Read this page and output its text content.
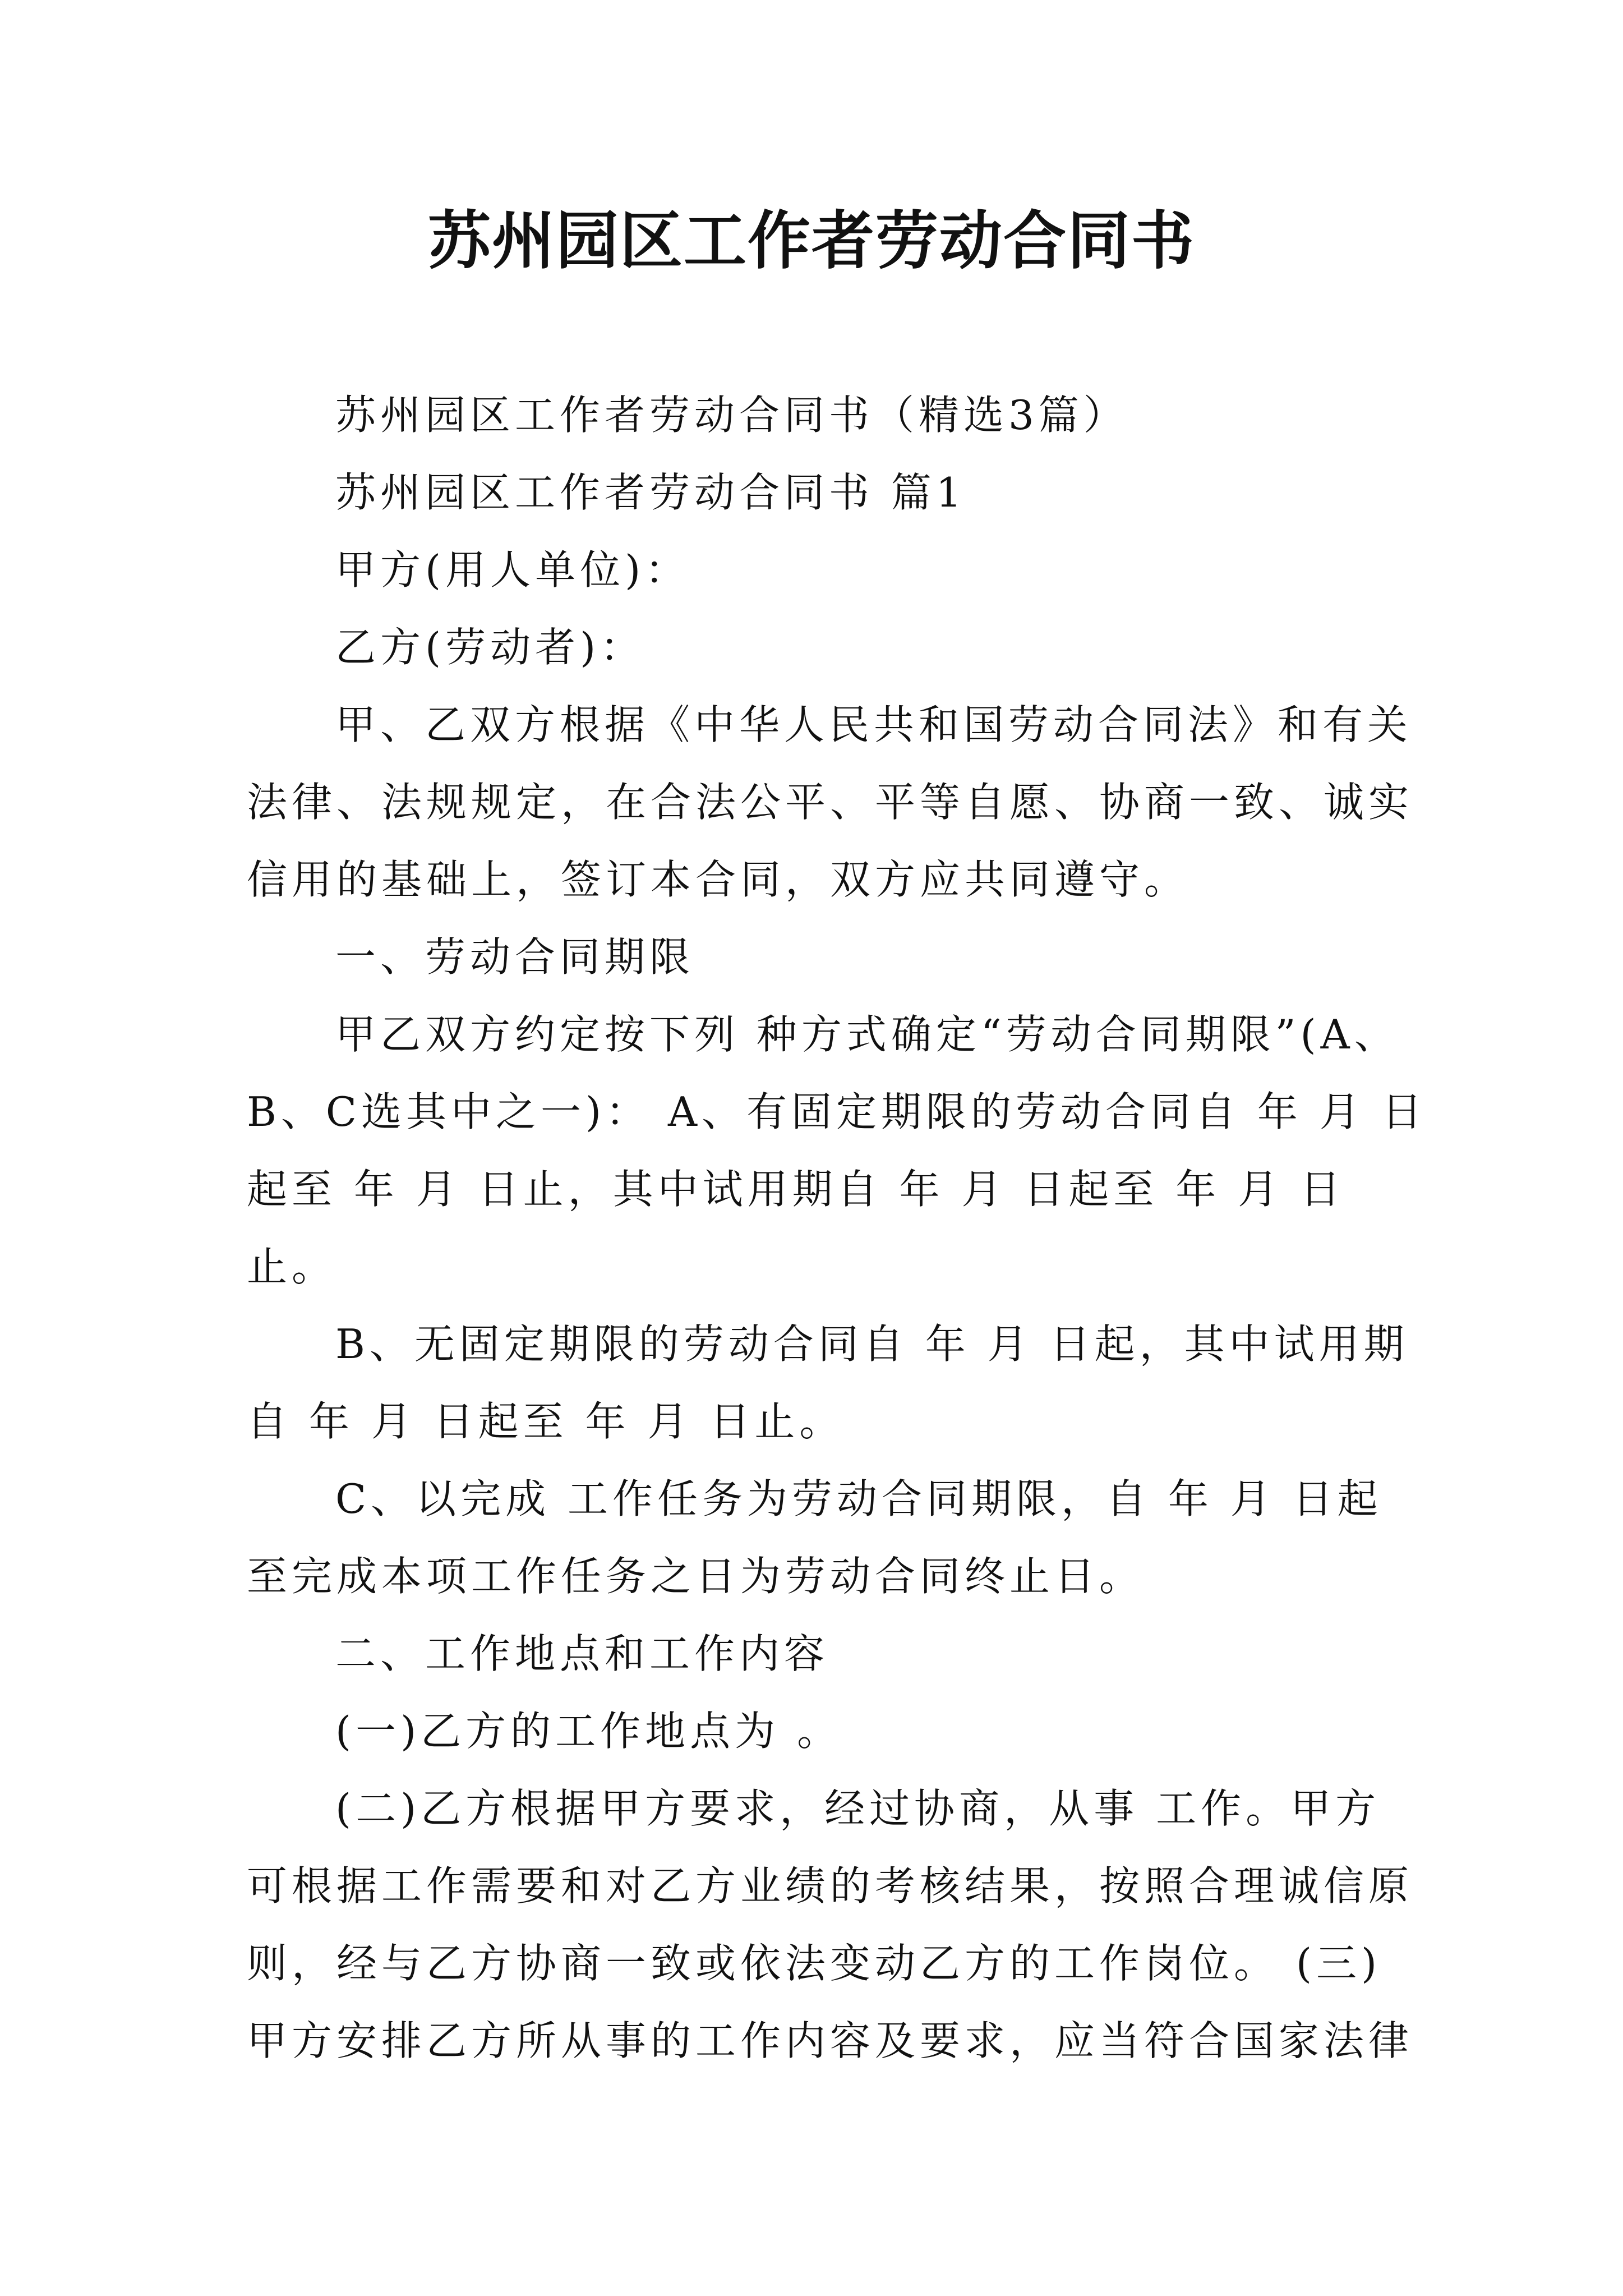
苏州园区工作者劳动合同书
苏州园区工作者劳动合同书（精选3篇）
苏州园区工作者劳动合同书 篇1
甲方(用人单位)：
乙方(劳动者)：
甲、乙双方根据《中华人民共和国劳动合同法》和有关
法律、法规规定，在合法公平、平等自愿、协商一致、诚实
信用的基础上，签订本合同，双方应共同遵守。
一、劳动合同期限
甲乙双方约定按下列 种方式确定“劳动合同期限”(A、
B、C选其中之一)： A、有固定期限的劳动合同自 年 月 日
起至 年 月 日止，其中试用期自 年 月 日起至 年 月 日
止。
B、无固定期限的劳动合同自 年 月 日起，其中试用期
自 年 月 日起至 年 月 日止。
C、以完成 工作任务为劳动合同期限，自 年 月 日起
至完成本项工作任务之日为劳动合同终止日。
二、工作地点和工作内容
(一)乙方的工作地点为 。
(二)乙方根据甲方要求，经过协商，从事 工作。甲方
可根据工作需要和对乙方业绩的考核结果，按照合理诚信原
则，经与乙方协商一致或依法变动乙方的工作岗位。 (三)
甲方安排乙方所从事的工作内容及要求，应当符合国家法律
